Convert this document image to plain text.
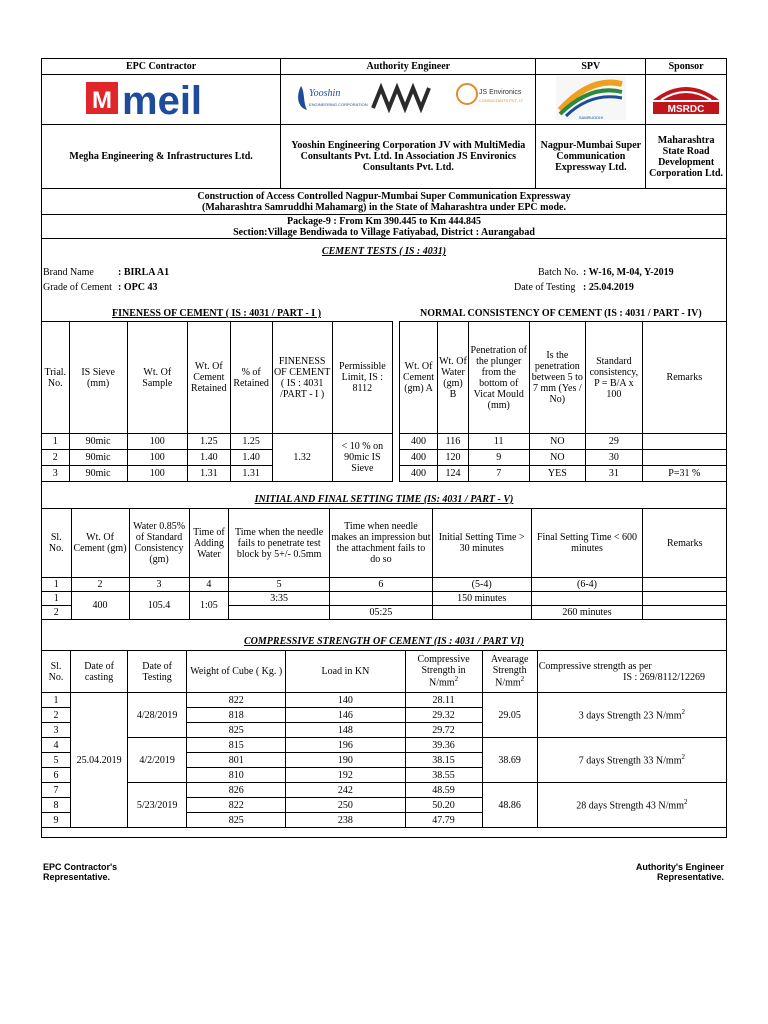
EPC Contractor	Authority Engineer	SPV	Sponsor

M meil	Yooshin
ENGINEERING CORPORATION
JS Environics
CONSULTANTS PVT. LTD.	SAMRUDDHI	MSRDC

Megha Engineering & Infrastructures Ltd.	Yooshin Engineering Corporation JV with MultiMedia Consultants Pvt. Ltd. In Association JS Environics Consultants Pvt. Ltd.	Nagpur-Mumbai Super Communication Expressway Ltd.	Maharashtra State Road Development Corporation Ltd.

Construction of Access Controlled Nagpur-Mumbai Super Communication Expressway
(Maharashtra Samruddhi Mahamarg) in the State of Maharashtra under EPC mode.			

Package-9 : From Km 390.445 to Km 444.845
Section:Village Bendiwada to Village Fatiyabad, District : Aurangabad			
CEMENT TESTS ( IS : 4031)
Brand Name : BIRLA A1
Grade of Cement : OPC 43
Batch No. : W-16, M-04, Y-2019
Date of Testing : 25.04.2019
FINENESS OF CEMENT ( IS : 4031 / PART - I )	NORMAL CONSISTENCY OF CEMENT (IS : 4031 / PART - IV)
Trial. No.	IS Sieve (mm)	Wt. Of Sample	Wt. Of Cement Retained	% of Retained	FINENESS OF CEMENT ( IS : 4031 /PART - I )	Permissible Limit, IS : 8112
1	90mic	100	1.25	1.25	1.32	< 10 % on 90mic IS Sieve
2	90mic	100	1.40	1.40		
3	90mic	100	1.31	1.31		
Wt. Of Cement (gm) A	Wt. Of Water (gm) B	Penetration of the plunger from the bottom of Vicat Mould (mm)	Is the penetration between 5 to 7 mm (Yes / No)	Standard consistency, P = B/A x 100	Remarks
400	116	11	NO	29	
400	120	9	NO	30	
400	124	7	YES	31	P=31 %
INITIAL AND FINAL SETTING TIME (IS: 4031 / PART - V)
Sl. No.	Wt. Of Cement (gm)	Water 0.85% of Standard Consistency (gm)	Time of Adding Water	Time when the needle fails to penetrate test block by 5+/- 0.5mm	Time when needle makes an impression but the attachment fails to do so	Initial Setting Time > 30 minutes	Final Setting Time < 600 minutes	Remarks
1	2	3	4	5	6	(5-4)	(6-4)	
1	400	105.4	1:05	3:35		150 minutes		
2					05:25		260 minutes	
COMPRESSIVE STRENGTH OF CEMENT (IS : 4031 / PART VI)
Sl. No.	Date of casting	Date of Testing	Weight of Cube ( Kg. )	Load in KN	Compressive Strength in $N/mm^2$	Avearage Strength $N/mm^2$	Compressive strength as per
IS : 269/8112/12269

1	25.04.2019	4/28/2019	822	140	28.11	29.05	3 days Strength 23 $N/mm^2$
2			818	146	29.32		
3			825	148	29.72		
4		4/2/2019	815	196	39.36	38.69	7 days Strength 33 $N/mm^2$
5			801	190	38.15		
6			810	192	38.55		
7		5/23/2019	826	242	48.59	48.86	28 days Strength 43 $N/mm^2$
8			822	250	50.20		
9			825	238	47.79		
EPC Contractor's
Representative.
Authority's Engineer
Representative.
